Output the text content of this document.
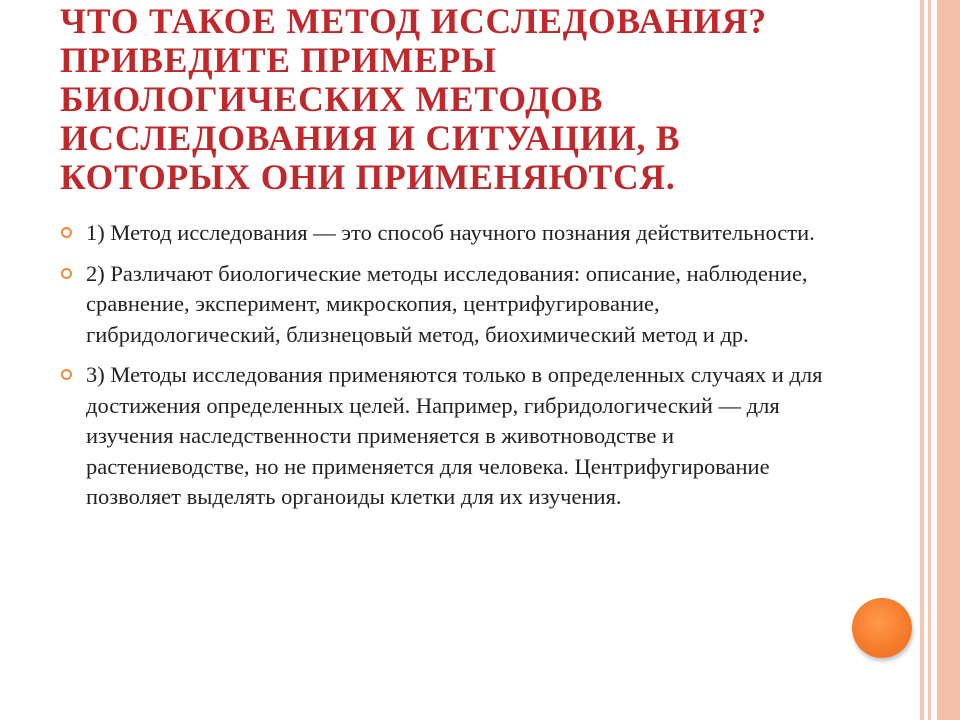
ЧТО ТАКОЕ МЕТОД ИССЛЕДОВАНИЯ? ПРИВЕДИТЕ ПРИМЕРЫ БИОЛОГИЧЕСКИХ МЕТОДОВ ИССЛЕДОВАНИЯ И СИТУАЦИИ, В КОТОРЫХ ОНИ ПРИМЕНЯЮТСЯ.

1) Метод исследования — это способ научного познания действительности.

2) Различают биологические методы исследования: описание, наблюдение, сравнение, эксперимент, микроскопия, центрифугирование, гибридологический, близнецовый метод, биохимический метод и др.

3) Методы исследования применяются только в определенных случаях и для достижения определенных целей. Например, гибридологический — для изучения наследственности применяется в животноводстве и растениеводстве, но не применяется для человека. Центрифугирование позволяет выделять органоиды клетки для их изучения.
